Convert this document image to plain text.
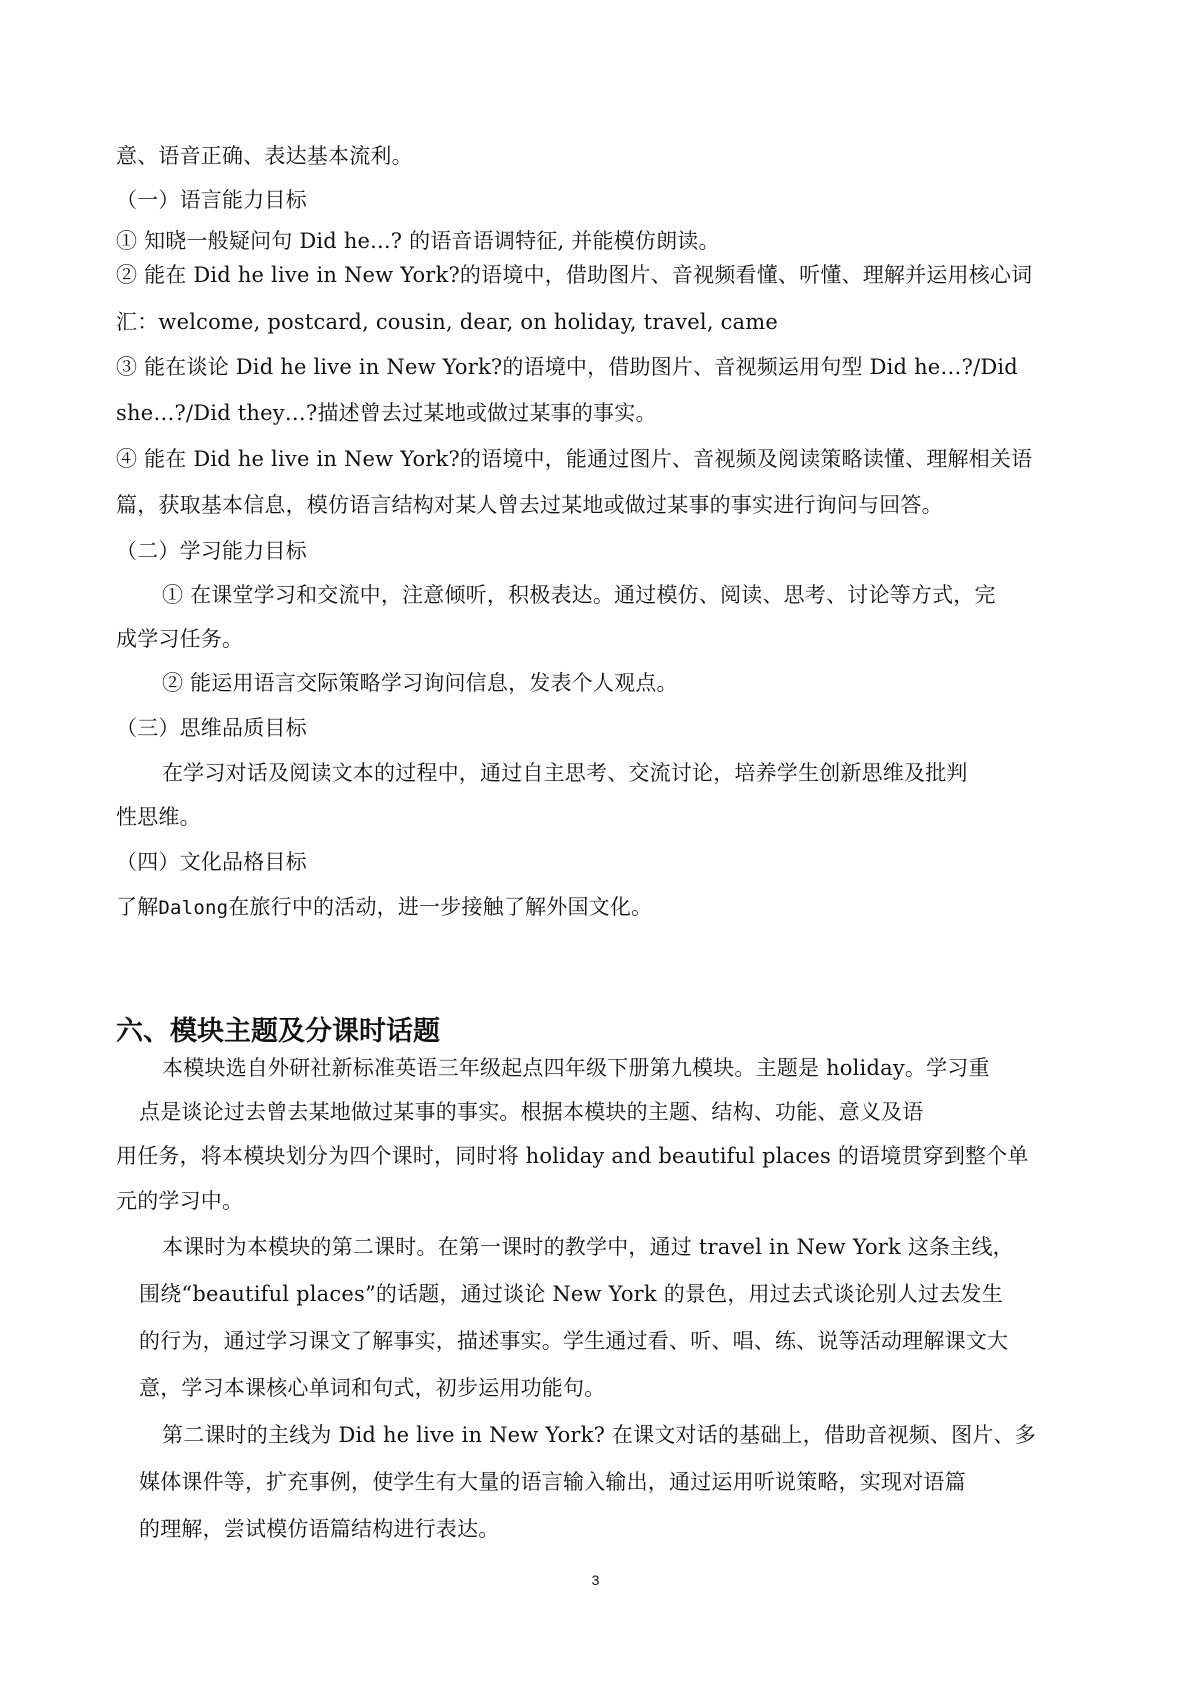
意、语音正确、表达基本流利。
（一）语言能力目标
① 知晓一般疑问句 Did he...? 的语音语调特征, 并能模仿朗读。
② 能在 Did he live in New York?的语境中，借助图片、音视频看懂、听懂、理解并运用核心词
汇：welcome, postcard, cousin, dear, on holiday, travel, came
③ 能在谈论 Did he live in New York?的语境中，借助图片、音视频运用句型 Did he…?/Did
she…?/Did they…?描述曾去过某地或做过某事的事实。
④ 能在 Did he live in New York?的语境中，能通过图片、音视频及阅读策略读懂、理解相关语
篇，获取基本信息，模仿语言结构对某人曾去过某地或做过某事的事实进行询问与回答。
（二）学习能力目标
① 在课堂学习和交流中，注意倾听，积极表达。通过模仿、阅读、思考、讨论等方式，完
成学习任务。
② 能运用语言交际策略学习询问信息，发表个人观点。
（三）思维品质目标
在学习对话及阅读文本的过程中，通过自主思考、交流讨论，培养学生创新思维及批判
性思维。
（四）文化品格目标
了解Dalong在旅行中的活动，进一步接触了解外国文化。
六、模块主题及分课时话题
本模块选自外研社新标准英语三年级起点四年级下册第九模块。主题是 holiday。学习重
点是谈论过去曾去某地做过某事的事实。根据本模块的主题、结构、功能、意义及语
用任务，将本模块划分为四个课时，同时将 holiday and beautiful places 的语境贯穿到整个单
元的学习中。
本课时为本模块的第二课时。在第一课时的教学中，通过 travel in New York 这条主线，
围绕“beautiful places”的话题，通过谈论 New York 的景色，用过去式谈论别人过去发生
的行为，通过学习课文了解事实，描述事实。学生通过看、听、唱、练、说等活动理解课文大
意，学习本课核心单词和句式，初步运用功能句。
第二课时的主线为 Did he live in New York? 在课文对话的基础上，借助音视频、图片、多
媒体课件等，扩充事例，使学生有大量的语言输入输出，通过运用听说策略，实现对语篇
的理解，尝试模仿语篇结构进行表达。
3
